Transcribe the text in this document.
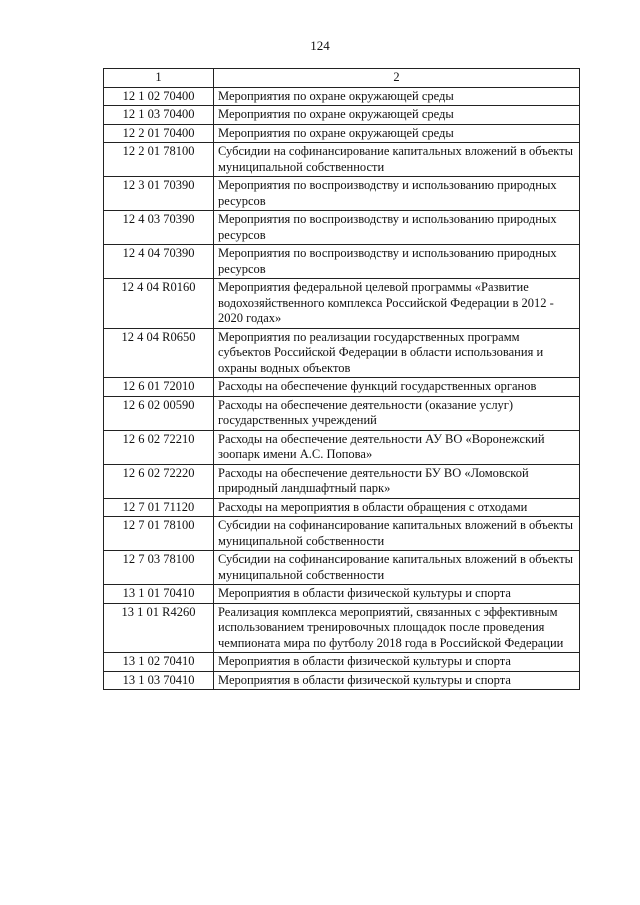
124
1	2
12 1 02 70400	Мероприятия по охране окружающей среды
12 1 03 70400	Мероприятия по охране окружающей среды
12 2 01 70400	Мероприятия по охране окружающей среды
12 2 01 78100	Субсидии на софинансирование капитальных вложений в объекты муниципальной собственности
12 3 01 70390	Мероприятия по воспроизводству и использованию природных ресурсов
12 4 03 70390	Мероприятия по воспроизводству и использованию природных ресурсов
12 4 04 70390	Мероприятия по воспроизводству и использованию природных ресурсов
12 4 04 R0160	Мероприятия федеральной целевой программы «Развитие водохозяйственного комплекса Российской Федерации в 2012 - 2020 годах»
12 4 04 R0650	Мероприятия по реализации государственных программ субъектов Российской Федерации в области использования и охраны водных объектов
12 6 01 72010	Расходы на обеспечение функций государственных органов
12 6 02 00590	Расходы на обеспечение деятельности (оказание услуг) государственных учреждений
12 6 02 72210	Расходы на обеспечение деятельности АУ ВО «Воронежский зоопарк имени А.С. Попова»
12 6 02 72220	Расходы на обеспечение деятельности БУ ВО «Ломовской природный ландшафтный парк»
12 7 01 71120	Расходы на мероприятия в области обращения с отходами
12 7 01 78100	Субсидии на софинансирование капитальных вложений в объекты муниципальной собственности
12 7 03 78100	Субсидии на софинансирование капитальных вложений в объекты муниципальной собственности
13 1 01 70410	Мероприятия в области физической культуры и спорта
13 1 01 R4260	Реализация комплекса мероприятий, связанных с эффективным использованием тренировочных площадок после проведения чемпионата мира по футболу 2018 года в Российской Федерации
13 1 02 70410	Мероприятия в области физической культуры и спорта
13 1 03 70410	Мероприятия в области физической культуры и спорта
